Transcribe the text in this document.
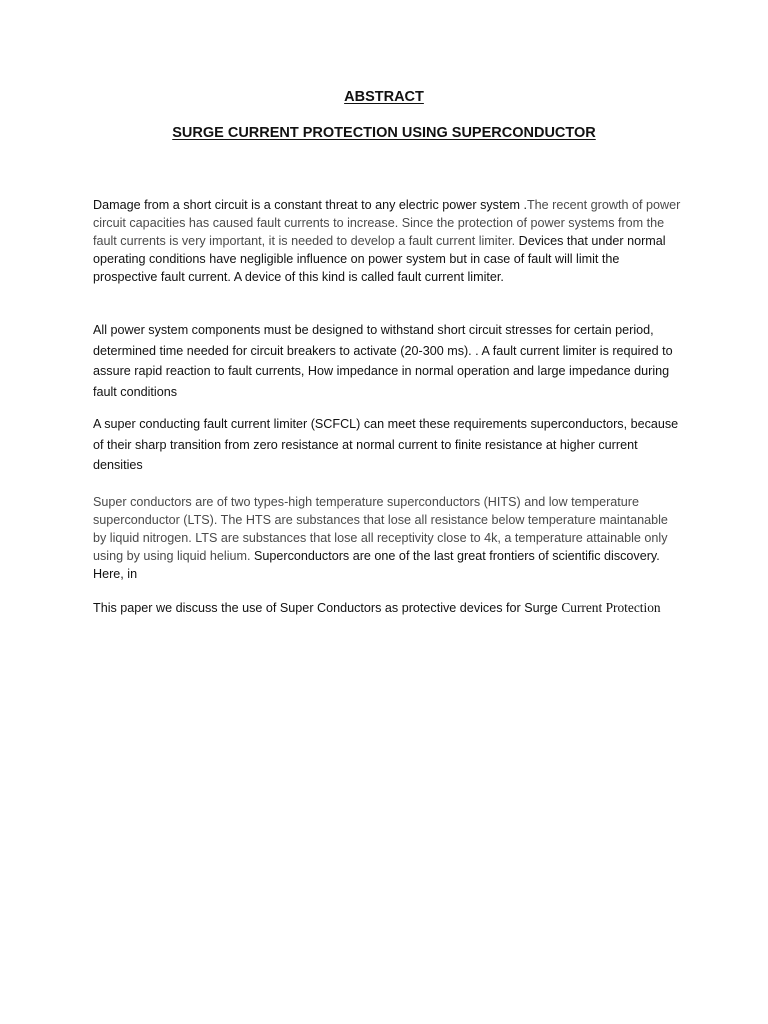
ABSTRACT
SURGE CURRENT PROTECTION USING SUPERCONDUCTOR

Damage from a short circuit is a constant threat to any electric power system .The recent growth of power circuit capacities has caused fault currents to increase. Since the protection of power systems from the fault currents is very important, it is needed to develop a fault current limiter. Devices that under normal operating conditions have negligible influence on power system but in case of fault will limit the prospective fault current. A device of this kind is called fault current limiter.

All power system components must be designed to withstand short circuit stresses for certain period, determined time needed for circuit breakers to activate (20-300 ms). . A fault current limiter is required to assure rapid reaction to fault currents, How impedance in normal operation and large impedance during fault conditions

A super conducting fault current limiter (SCFCL) can meet these requirements superconductors, because of their sharp transition from zero resistance at normal current to finite resistance at higher current densities

Super conductors are of two types-high temperature superconductors (HITS) and low temperature superconductor (LTS). The HTS are substances that lose all resistance below temperature maintanable by liquid nitrogen. LTS are substances that lose all receptivity close to 4k, a temperature attainable only using by using liquid helium. Superconductors are one of the last great frontiers of scientific discovery. Here, in

This paper we discuss the use of Super Conductors as protective devices for Surge Current Protection
